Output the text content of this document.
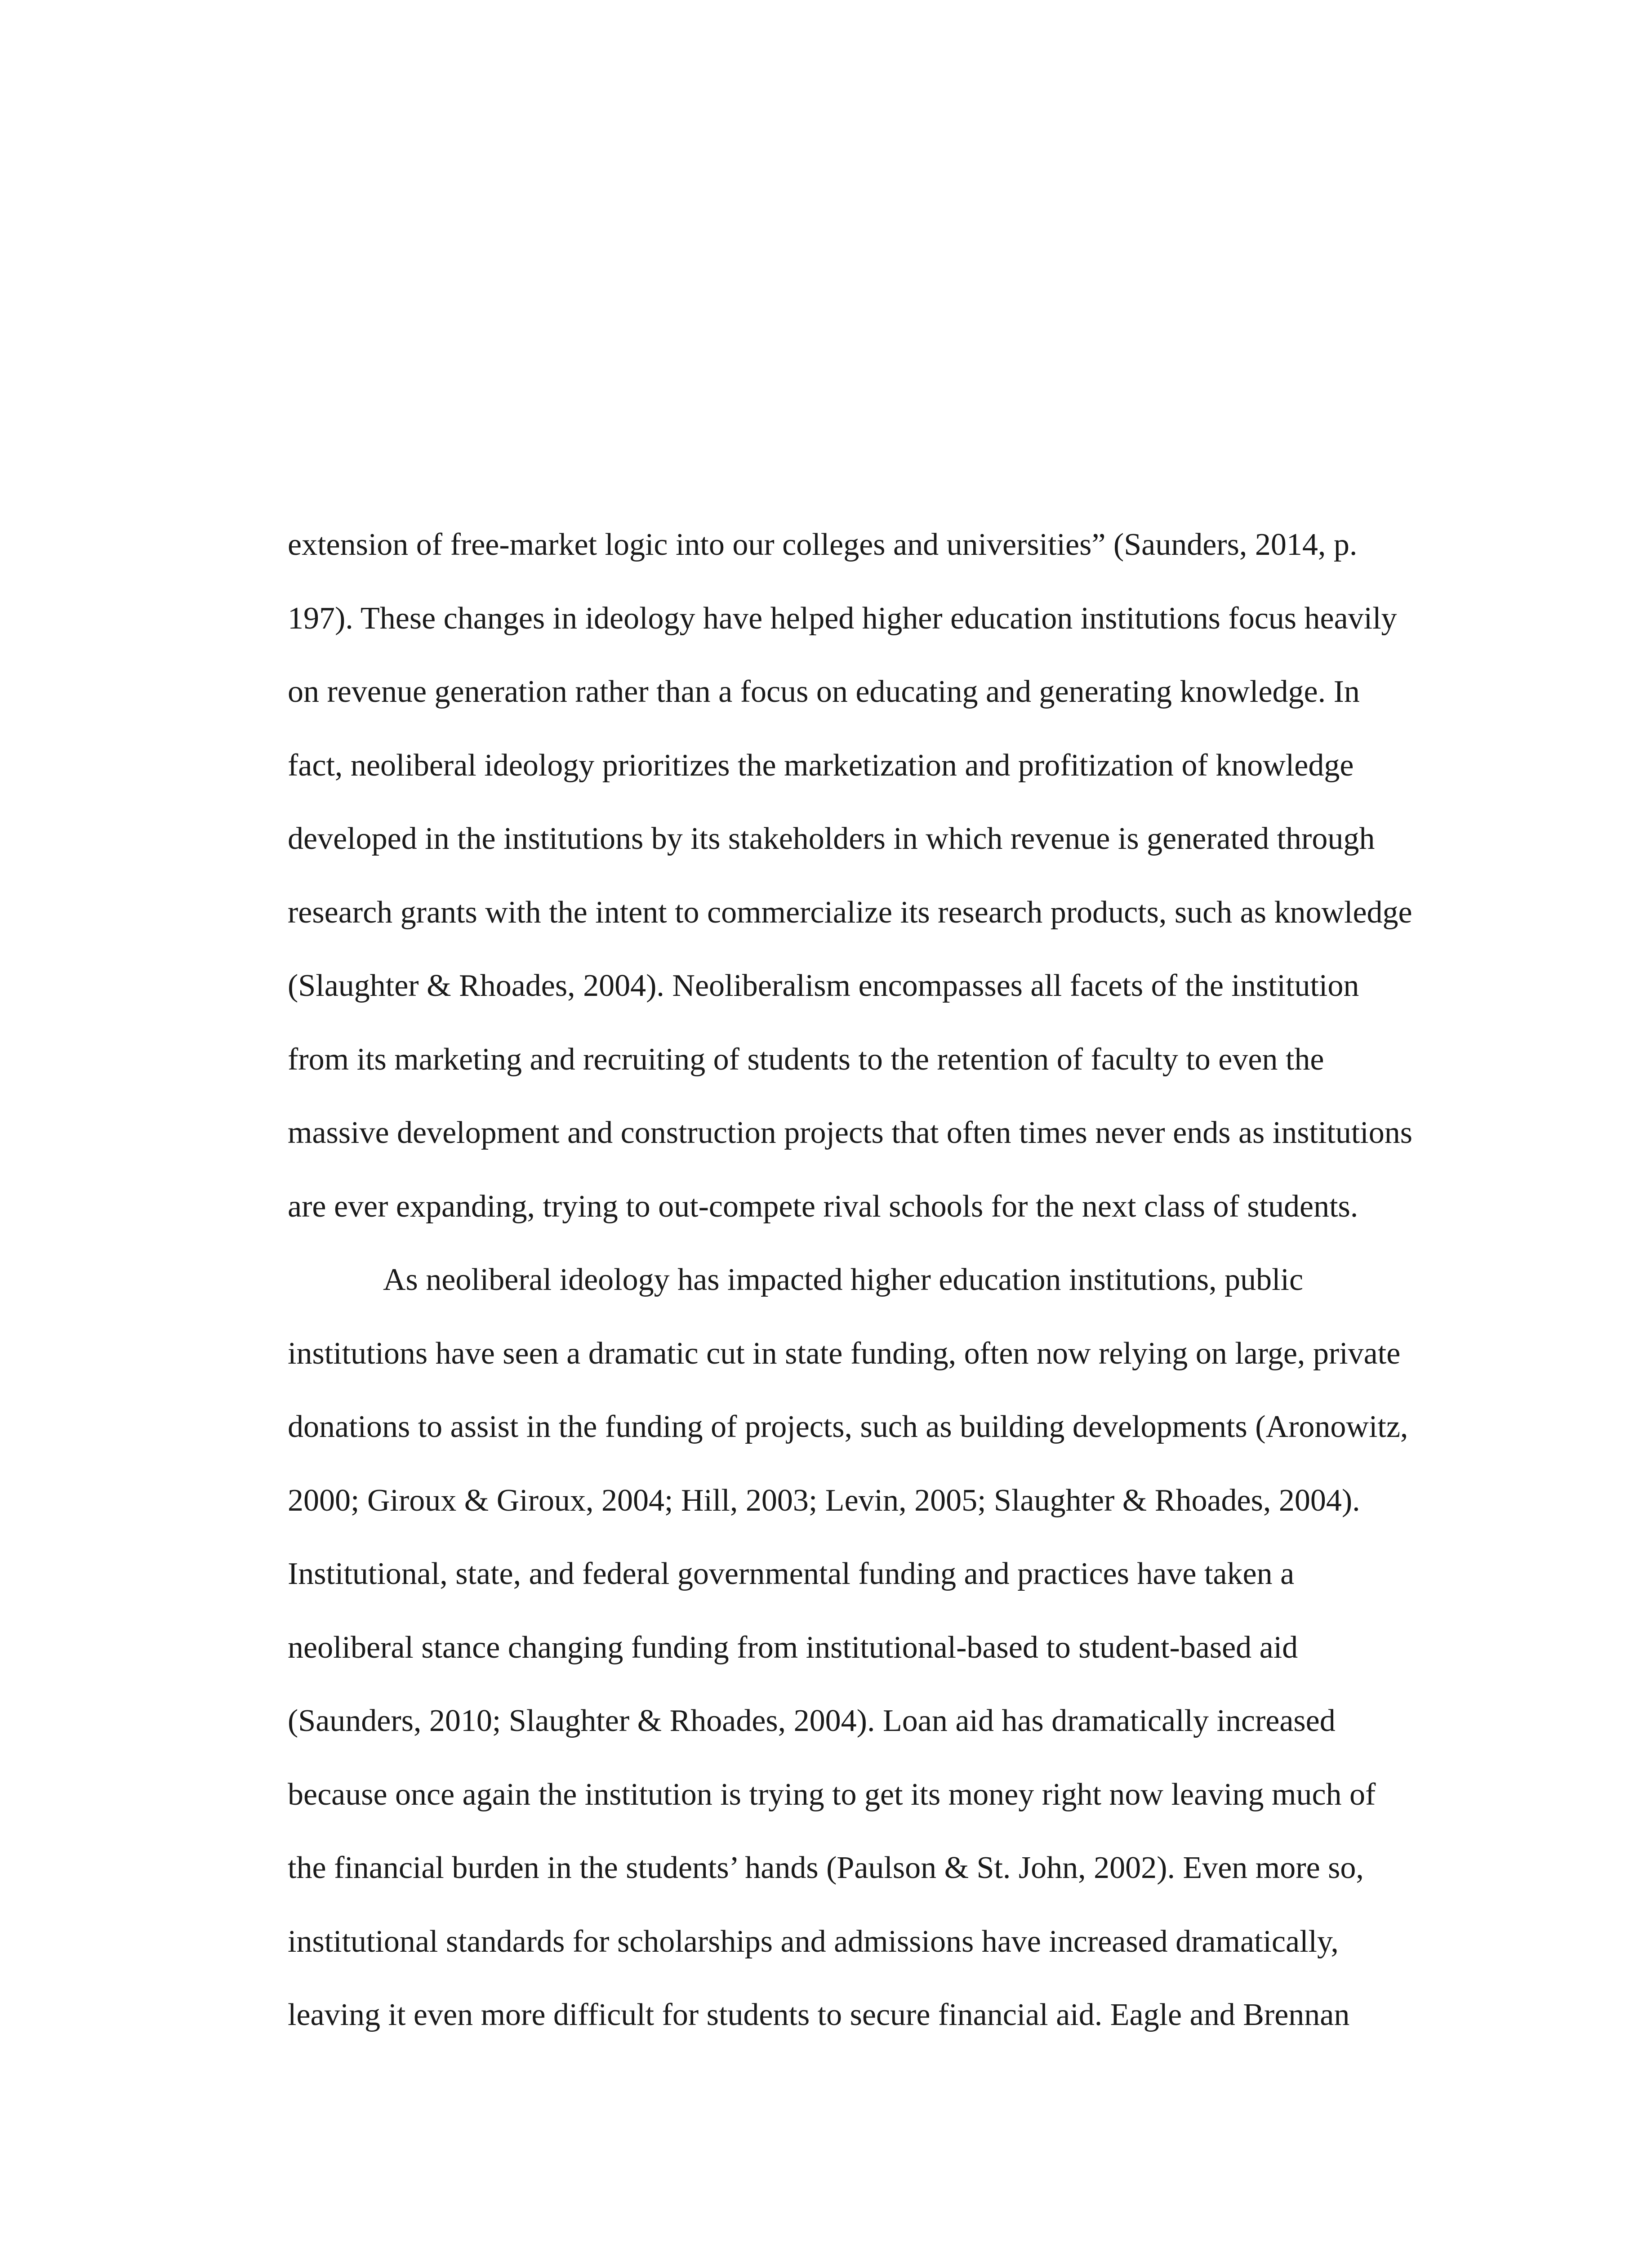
extension of free-market logic into our colleges and universities” (Saunders, 2014, p.
197). These changes in ideology have helped higher education institutions focus heavily
on revenue generation rather than a focus on educating and generating knowledge. In
fact, neoliberal ideology prioritizes the marketization and profitization of knowledge
developed in the institutions by its stakeholders in which revenue is generated through
research grants with the intent to commercialize its research products, such as knowledge
(Slaughter & Rhoades, 2004). Neoliberalism encompasses all facets of the institution
from its marketing and recruiting of students to the retention of faculty to even the
massive development and construction projects that often times never ends as institutions
are ever expanding, trying to out-compete rival schools for the next class of students.
As neoliberal ideology has impacted higher education institutions, public
institutions have seen a dramatic cut in state funding, often now relying on large, private
donations to assist in the funding of projects, such as building developments (Aronowitz,
2000; Giroux & Giroux, 2004; Hill, 2003; Levin, 2005; Slaughter & Rhoades, 2004).
Institutional, state, and federal governmental funding and practices have taken a
neoliberal stance changing funding from institutional-based to student-based aid
(Saunders, 2010; Slaughter & Rhoades, 2004). Loan aid has dramatically increased
because once again the institution is trying to get its money right now leaving much of
the financial burden in the students’ hands (Paulson & St. John, 2002). Even more so,
institutional standards for scholarships and admissions have increased dramatically,
leaving it even more difficult for students to secure financial aid. Eagle and Brennan
